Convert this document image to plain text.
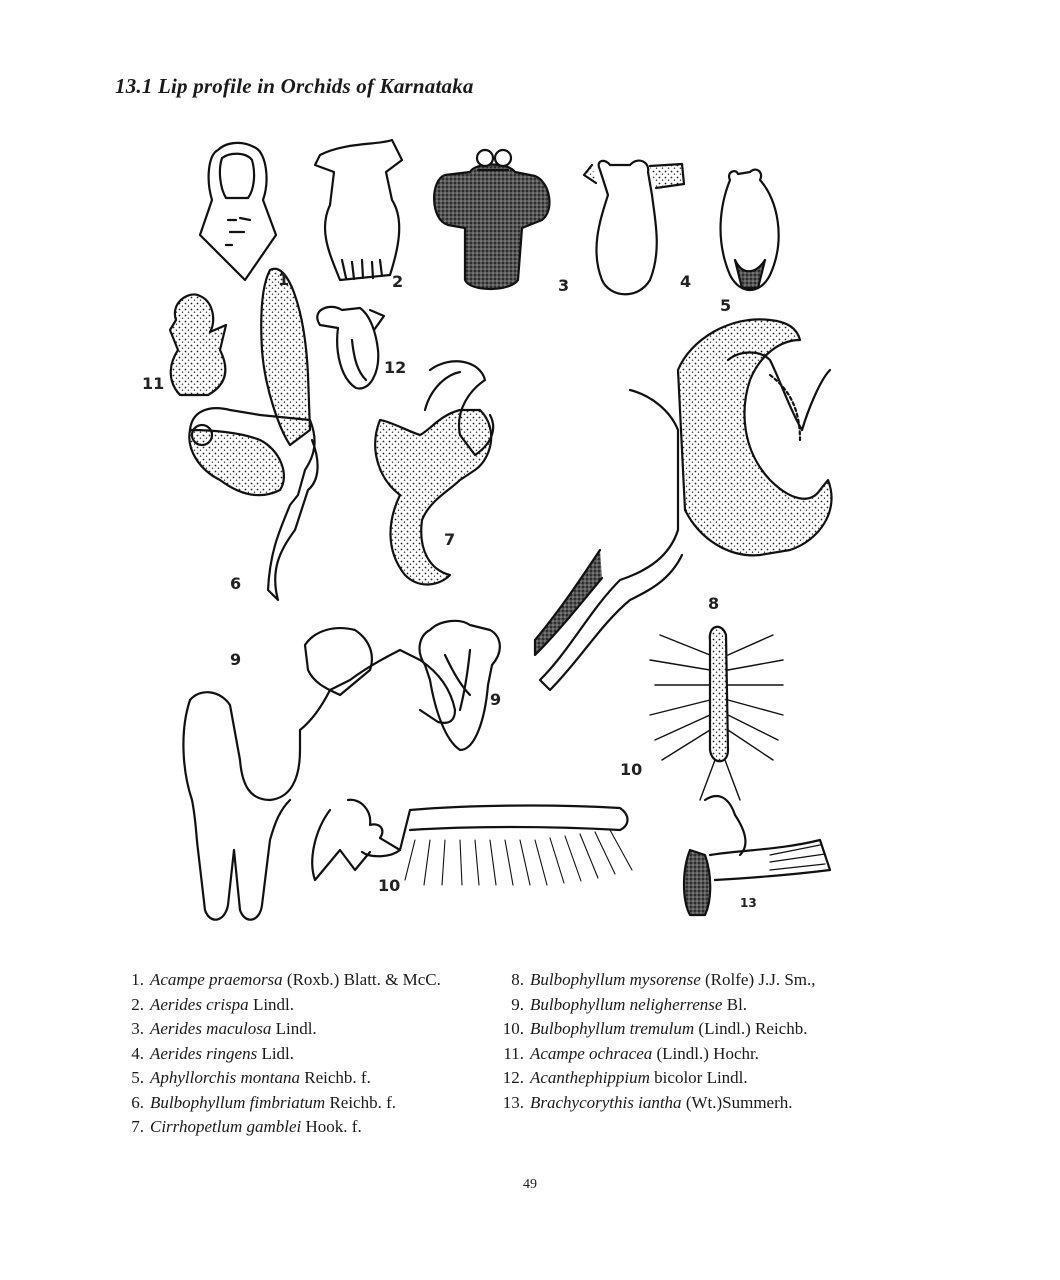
13.1 Lip profile in Orchids of Karnataka
1	2	3	4
5
11
12
6
7
8
9
9
10
10
13
1. Acampe praemorsa (Roxb.) Blatt. & McC.
2. Aerides crispa Lindl.
3. Aerides maculosa Lindl.
4. Aerides ringens Lidl.
5. Aphyllorchis montana Reichb. f.
6. Bulbophyllum fimbriatum Reichb. f.
7. Cirrhopetlum gamblei Hook. f.
8. Bulbophyllum mysorense (Rolfe) J.J. Sm.,
9. Bulbophyllum neligherrense Bl.
10. Bulbophyllum tremulum (Lindl.) Reichb.
11. Acampe ochracea (Lindl.) Hochr.
12. Acanthephippium bicolor Lindl.
13. Brachycorythis iantha (Wt.)Summerh.
49
